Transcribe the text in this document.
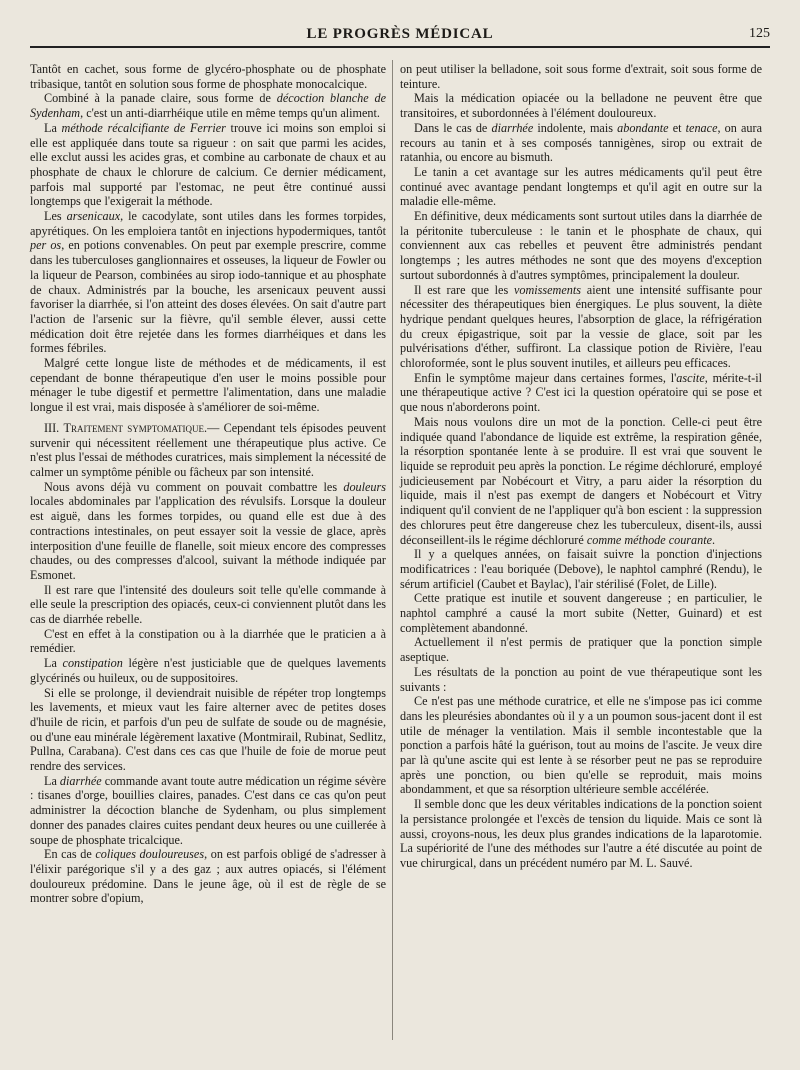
LE PROGRÈS MÉDICAL	125

Tantôt en cachet, sous forme de glycéro-phosphate ou de phosphate tribasique, tantôt en solution sous forme de phosphate monocalcique.

Combiné à la panade claire, sous forme de décoction blanche de Sydenham, c'est un anti-diarrhéique utile en même temps qu'un aliment.

La méthode récalcifiante de Ferrier trouve ici moins son emploi si elle est appliquée dans toute sa rigueur : on sait que parmi les acides, elle exclut aussi les acides gras, et combine au carbonate de chaux et au phosphate de chaux le chlorure de calcium. Ce dernier médicament, parfois mal supporté par l'estomac, ne peut être continué aussi longtemps que l'exigerait la méthode.

Les arsenicaux, le cacodylate, sont utiles dans les formes torpides, apyrétiques. On les emploiera tantôt en injections hypodermiques, tantôt per os, en potions convenables. On peut par exemple prescrire, comme dans les tuberculoses ganglionnaires et osseuses, la liqueur de Fowler ou la liqueur de Pearson, combinées au sirop iodo-tannique et au phosphate de chaux. Administrés par la bouche, les arsenicaux peuvent aussi favoriser la diarrhée, si l'on atteint des doses élevées. On sait d'autre part l'action de l'arsenic sur la fièvre, qu'il semble élever, aussi cette médication doit être rejetée dans les formes diarrhéiques et dans les formes fébriles.

Malgré cette longue liste de méthodes et de médicaments, il est cependant de bonne thérapeutique d'en user le moins possible pour ménager le tube digestif et permettre l'alimentation, dans une maladie longue il est vrai, mais disposée à s'améliorer de soi-même.

III. Traitement symptomatique.— Cependant tels épisodes peuvent survenir qui nécessitent réellement une thérapeutique plus active. Ce n'est plus l'essai de méthodes curatrices, mais simplement la nécessité de calmer un symptôme pénible ou fâcheux par son intensité.

Nous avons déjà vu comment on pouvait combattre les douleurs locales abdominales par l'application des révulsifs. Lorsque la douleur est aiguë, dans les formes torpides, ou quand elle est due à des contractions intestinales, on peut essayer soit la vessie de glace, après interposition d'une feuille de flanelle, soit mieux encore des compresses chaudes, ou des compresses d'alcool, suivant la méthode indiquée par Esmonet.

Il est rare que l'intensité des douleurs soit telle qu'elle commande à elle seule la prescription des opiacés, ceux-ci conviennent plutôt dans les cas de diarrhée rebelle.

C'est en effet à la constipation ou à la diarrhée que le praticien a à remédier.

La constipation légère n'est justiciable que de quelques lavements glycérinés ou huileux, ou de suppositoires.

Si elle se prolonge, il deviendrait nuisible de répéter trop longtemps les lavements, et mieux vaut les faire alterner avec de petites doses d'huile de ricin, et parfois d'un peu de sulfate de soude ou de magnésie, ou d'une eau minérale légèrement laxative (Montmirail, Rubinat, Sedlitz, Pullna, Carabana). C'est dans ces cas que l'huile de foie de morue peut rendre des services.

La diarrhée commande avant toute autre médication un régime sévère : tisanes d'orge, bouillies claires, panades. C'est dans ce cas qu'on peut administrer la décoction blanche de Sydenham, ou plus simplement donner des panades claires cuites pendant deux heures ou une cuillerée à soupe de phosphate tricalcique.

En cas de coliques douloureuses, on est parfois obligé de s'adresser à l'élixir parégorique s'il y a des gaz ; aux autres opiacés, si l'élément douloureux prédomine. Dans le jeune âge, où il est de règle de se montrer sobre d'opium,

on peut utiliser la belladone, soit sous forme d'extrait, soit sous forme de teinture.

Mais la médication opiacée ou la belladone ne peuvent être que transitoires, et subordonnées à l'élément douloureux.

Dans le cas de diarrhée indolente, mais abondante et tenace, on aura recours au tanin et à ses composés tannigènes, sirop ou extrait de ratanhia, ou encore au bismuth.

Le tanin a cet avantage sur les autres médicaments qu'il peut être continué avec avantage pendant longtemps et qu'il agit en outre sur la maladie elle-même.

En définitive, deux médicaments sont surtout utiles dans la diarrhée de la péritonite tuberculeuse : le tanin et le phosphate de chaux, qui conviennent aux cas rebelles et peuvent être administrés pendant longtemps ; les autres méthodes ne sont que des moyens d'exception surtout subordonnés à d'autres symptômes, principalement la douleur.

Il est rare que les vomissements aient une intensité suffisante pour nécessiter des thérapeutiques bien énergiques. Le plus souvent, la diète hydrique pendant quelques heures, l'absorption de glace, la réfrigération du creux épigastrique, soit par la vessie de glace, soit par les pulvérisations d'éther, suffiront. La classique potion de Rivière, l'eau chloroformée, sont le plus souvent inutiles, et ailleurs peu efficaces.

Enfin le symptôme majeur dans certaines formes, l'ascite, mérite-t-il une thérapeutique active ? C'est ici la question opératoire qui se pose et que nous n'aborderons point.

Mais nous voulons dire un mot de la ponction. Celle-ci peut être indiquée quand l'abondance de liquide est extrême, la respiration gênée, la résorption spontanée lente à se produire. Il est vrai que souvent le liquide se reproduit peu après la ponction. Le régime déchloruré, employé judicieusement par Nobécourt et Vitry, a paru aider la résorption du liquide, mais il n'est pas exempt de dangers et Nobécourt et Vitry indiquent qu'il convient de ne l'appliquer qu'à bon escient : la suppression des chlorures peut être dangereuse chez les tuberculeux, disent-ils, aussi déconseillent-ils le régime déchloruré comme méthode courante.

Il y a quelques années, on faisait suivre la ponction d'injections modificatrices : l'eau boriquée (Debove), le naphtol camphré (Rendu), le sérum artificiel (Caubet et Baylac), l'air stérilisé (Folet, de Lille).

Cette pratique est inutile et souvent dangereuse ; en particulier, le naphtol camphré a causé la mort subite (Netter, Guinard) et est complètement abandonné.

Actuellement il n'est permis de pratiquer que la ponction simple aseptique.

Les résultats de la ponction au point de vue thérapeutique sont les suivants :

Ce n'est pas une méthode curatrice, et elle ne s'impose pas ici comme dans les pleurésies abondantes où il y a un poumon sous-jacent dont il est utile de ménager la ventilation. Mais il semble incontestable que la ponction a parfois hâté la guérison, tout au moins de l'ascite. Je veux dire par là qu'une ascite qui est lente à se résorber peut ne pas se reproduire après une ponction, ou bien qu'elle se reproduit, mais moins abondamment, et que sa résorption ultérieure semble accélérée.

Il semble donc que les deux véritables indications de la ponction soient la persistance prolongée et l'excès de tension du liquide. Mais ce sont là aussi, croyons-nous, les deux plus grandes indications de la laparotomie. La supériorité de l'une des méthodes sur l'autre a été discutée au point de vue chirurgical, dans un précédent numéro par M. L. Sauvé.
